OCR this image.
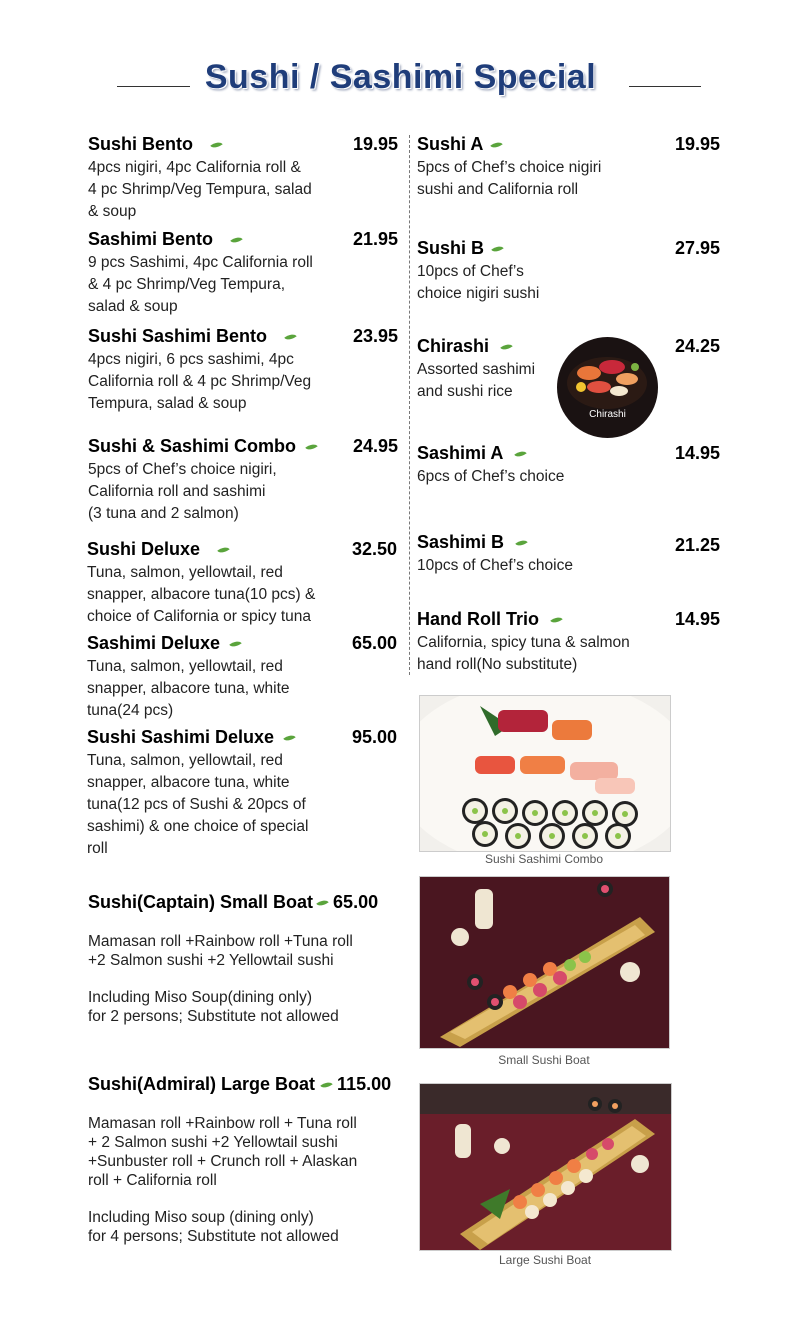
Sushi / Sashimi Special
Sushi Bento
4pcs nigiri, 4pc California roll &
4 pc Shrimp/Veg Tempura, salad
& soup
19.95
Sashimi Bento
9 pcs Sashimi, 4pc California roll
& 4 pc Shrimp/Veg Tempura,
salad & soup
21.95
Sushi Sashimi Bento
4pcs nigiri, 6 pcs sashimi, 4pc
California roll & 4 pc Shrimp/Veg
Tempura, salad & soup
23.95
Sushi & Sashimi Combo
5pcs of Chef’s choice nigiri,
California roll and sashimi
(3 tuna and 2 salmon)
24.95
Sushi Deluxe
Tuna, salmon, yellowtail, red
snapper, albacore tuna(10 pcs) &
choice of California or spicy tuna
32.50
Sashimi Deluxe
Tuna, salmon, yellowtail, red
snapper, albacore tuna, white
tuna(24 pcs)
65.00
Sushi Sashimi Deluxe
Tuna, salmon, yellowtail, red
snapper, albacore tuna, white
tuna(12 pcs of Sushi & 20pcs of
sashimi) & one choice of special
roll
95.00
Sushi A
5pcs of Chef’s choice nigiri
sushi and California roll
19.95
Sushi B
10pcs of Chef’s
choice nigiri sushi
27.95
Chirashi
Assorted sashimi
and sushi rice
24.25
Chirashi
Sashimi A
6pcs of Chef’s choice
14.95
Sashimi B
10pcs of Chef’s choice
21.25
Hand Roll Trio
California, spicy tuna & salmon
hand roll(No substitute)
14.95
Sushi Sashimi Combo
Sushi(Captain) Small Boat 65.00
Mamasan roll +Rainbow roll +Tuna roll
+2 Salmon sushi +2 Yellowtail sushi
Including Miso Soup(dining only)
for 2 persons; Substitute not allowed
Small Sushi Boat
Sushi(Admiral) Large Boat 115.00
Mamasan roll +Rainbow roll + Tuna roll
+ 2 Salmon sushi +2 Yellowtail sushi
+Sunbuster roll + Crunch roll + Alaskan
roll + California roll
Including Miso soup (dining only)
for 4 persons; Substitute not allowed
Large Sushi Boat
